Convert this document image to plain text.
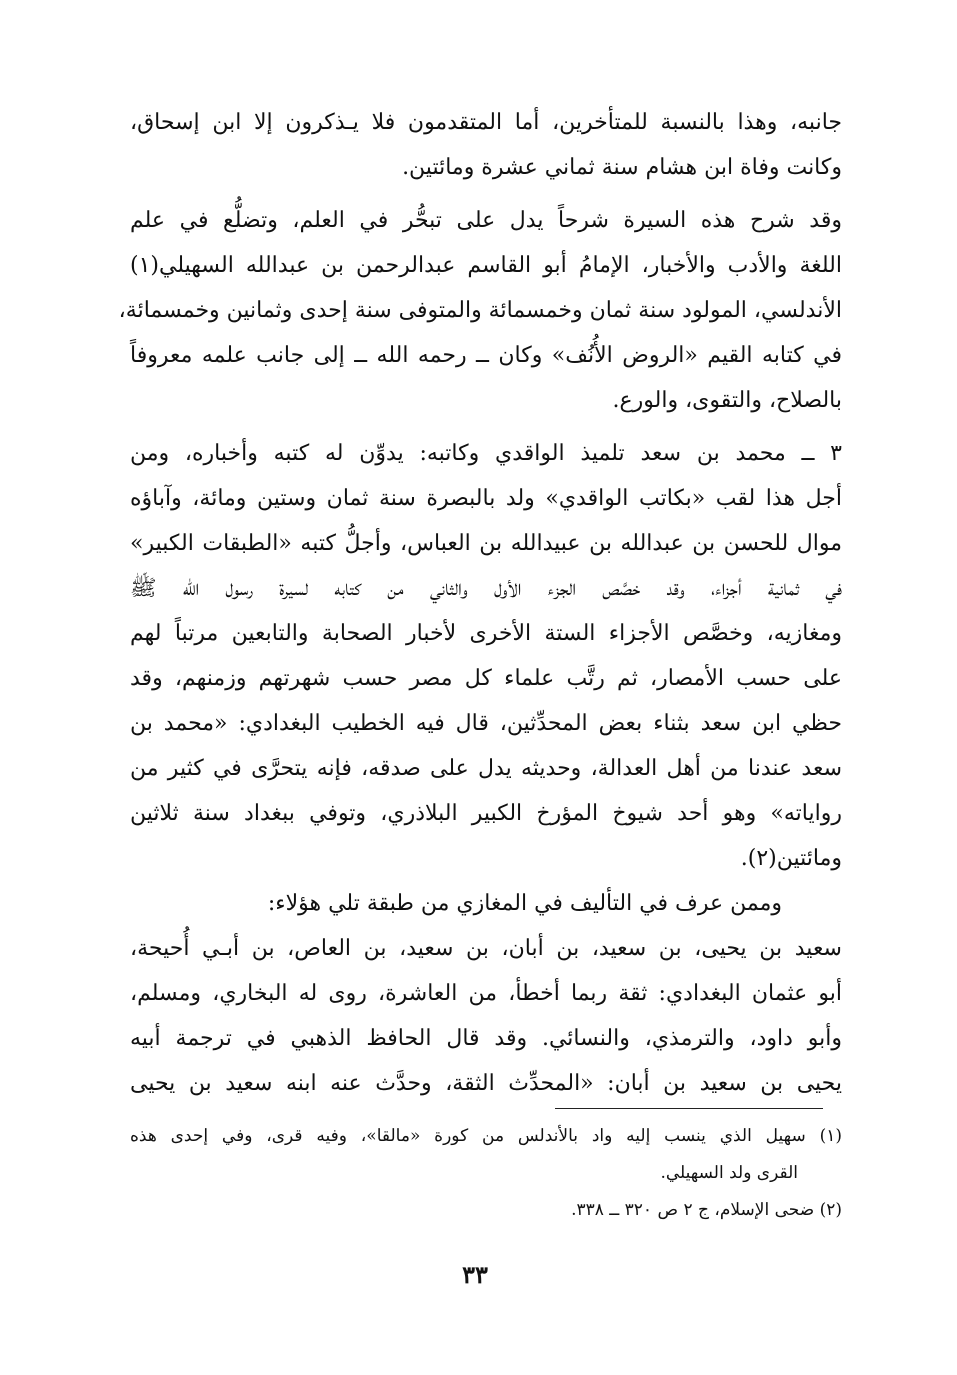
جانبه، وهذا بالنسبة للمتأخرين، أما المتقدمون فلا يـذكرون إلا ابن إسحاق،
وكانت وفاة ابن هشام سنة ثماني عشرة ومائتين.
وقد شرح هذه السيرة شرحاً يدل على تبحُّر في العلم، وتضلُّع في علم
اللغة والأدب والأخبار، الإمامُ أبو القاسم عبدالرحمن بن عبدالله السهيلي(١)
الأندلسي، المولود سنة ثمان وخمسمائة والمتوفى سنة إحدى وثمانين وخمسمائة،
في كتابه القيم «الروض الأُنُف» وكان ــ رحمه الله ــ إلى جانب علمه معروفاً
بالصلاح، والتقوى، والورع.
٣ ــ محمد بن سعد تلميذ الواقدي وكاتبه: يدوِّن له كتبه وأخباره، ومن
أجل هذا لقب «بكاتب الواقدي» ولد بالبصرة سنة ثمان وستين ومائة، وآباؤه
موال للحسن بن عبدالله بن عبيدالله بن العباس، وأجلُّ كتبه «الطبقات الكبير»
في ثمانية أجزاء، وقد خصَّص الجزء الأول والثاني من كتابه لسيرة رسول الله ﷺ
ومغازيه، وخصَّص الأجزاء الستة الأخرى لأخبار الصحابة والتابعين مرتباً لهم
على حسب الأمصار، ثم رتَّب علماء كل مصر حسب شهرتهم وزمنهم، وقد
حظي ابن سعد بثناء بعض المحدِّثين، قال فيه الخطيب البغدادي: «محمد بن
سعد عندنا من أهل العدالة، وحديثه يدل على صدقه، فإنه يتحرَّى في كثير من
رواياته» وهو أحد شيوخ المؤرخ الكبير البلاذري، وتوفي ببغداد سنة ثلاثين
ومائتين(٢).
وممن عرف في التأليف في المغازي من طبقة تلي هؤلاء:
سعيد بن يحيى، بن سعيد، بن أبان، بن سعيد، بن العاص، بن أبـي أُحيحة،
أبو عثمان البغدادي: ثقة ربما أخطأ، من العاشرة، روى له البخاري، ومسلم،
وأبو داود، والترمذي، والنسائي. وقد قال الحافظ الذهبي في ترجمة أبيه
يحيى بن سعيد بن أبان: «المحدِّث الثقة، وحدَّث عنه ابنه سعيد بن يحيى
(١) سهيل الذي ينسب إليه واد بالأندلس من كورة «مالقا»، وفيه قرى، وفي إحدى هذه
القرى ولد السهيلي.
(٢) ضحى الإسلام، ج ٢ ص ٣٢٠ ــ ٣٣٨.
٣٣
